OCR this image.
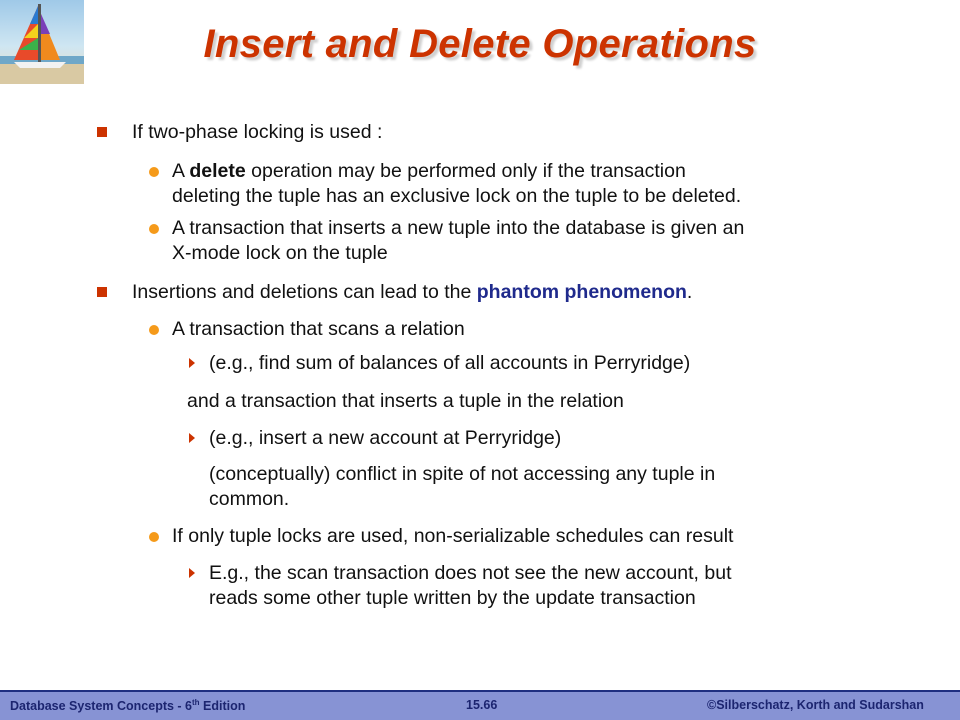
Insert and Delete Operations
If two-phase locking is used :
A delete operation may be performed only if the transaction
deleting the tuple has an exclusive lock on the tuple to be deleted.
A transaction that inserts a new tuple into the database is given an
X-mode lock on the tuple
Insertions and deletions can lead to the phantom phenomenon.
A transaction that scans a relation
(e.g., find sum of balances of all accounts in Perryridge)
and a transaction that inserts a tuple in the relation
(e.g., insert a new account at Perryridge)
(conceptually) conflict in spite of not accessing any tuple in
common.
If only tuple locks are used, non-serializable schedules can result
E.g., the scan transaction does not see the new account, but
reads some other tuple written by the update transaction
Database System Concepts - 6th Edition	15.66	©Silberschatz, Korth and Sudarshan
